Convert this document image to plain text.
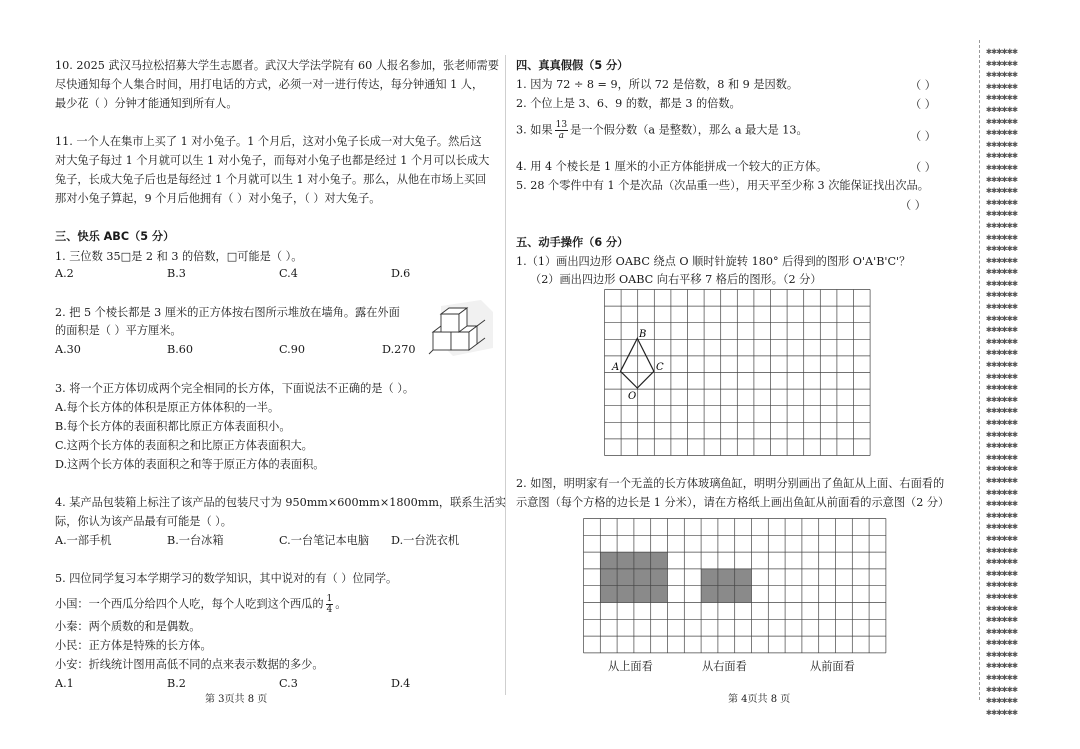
10. 2025 武汉马拉松招募大学生志愿者。武汉大学法学院有 60 人报名参加，张老师需要
尽快通知每个人集合时间，用打电话的方式，必须一对一进行传达，每分钟通知 1 人，
最少花（ ）分钟才能通知到所有人。
11. 一个人在集市上买了 1 对小兔子。1 个月后，这对小兔子长成一对大兔子。然后这
对大兔子每过 1 个月就可以生 1 对小兔子，而每对小兔子也都是经过 1 个月可以长成大
兔子，长成大兔子后也是每经过 1 个月就可以生 1 对小兔子。那么，从他在市场上买回
那对小兔子算起，9 个月后他拥有（ ）对小兔子，（ ）对大兔子。
三、快乐 ABC（5 分）
1. 三位数 35□是 2 和 3 的倍数，□可能是（ ）。
A.2	B.3	C.4	D.6
2. 把 5 个棱长都是 3 厘米的正方体按右图所示堆放在墙角。露在外面
的面积是（ ）平方厘米。
A.30	B.60	C.90	D.270
3. 将一个正方体切成两个完全相同的长方体，下面说法不正确的是（ ）。
A.每个长方体的体积是原正方体体积的一半。
B.每个长方体的表面积都比原正方体表面积小。
C.这两个长方体的表面积之和比原正方体表面积大。
D.这两个长方体的表面积之和等于原正方体的表面积。
4. 某产品包装箱上标注了该产品的包装尺寸为 950mm×600mm×1800mm，联系生活实
际，你认为该产品最有可能是（ ）。
A.一部手机	B.一台冰箱	C.一台笔记本电脑 D.一台洗衣机
5. 四位同学复习本学期学习的数学知识，其中说对的有（ ）位同学。
小国：一个西瓜分给四个人吃，每个人吃到这个西瓜的 $\frac{1}{4}$ 。
小秦：两个质数的和是偶数。
小民：正方体是特殊的长方体。
小安：折线统计图用高低不同的点来表示数据的多少。
A.1	B.2	C.3	D.4
第 3页共 8 页
四、真真假假（5 分）
1. 因为 72 ÷ 8 = 9，所以 72 是倍数，8 和 9 是因数。	（ ）
2. 个位上是 3、6、9 的数，都是 3 的倍数。	（ ）
3. 如果 $\frac{13}{a}$ 是一个假分数（a 是整数），那么 a 最大是 13。	（ ）
4. 用 4 个棱长是 1 厘米的小正方体能拼成一个较大的正方体。	（ ）
5. 28 个零件中有 1 个是次品（次品重一些），用天平至少称 3 次能保证找出次品。
（ ）
五、动手操作（6 分）
1.（1）画出四边形 OABC 绕点 O 顺时针旋转 180° 后得到的图形 O'A'B'C'？
（2）画出四边形 OABC 向右平移 7 格后的图形。（2 分）
B
A	C
O
2. 如图，明明家有一个无盖的长方体玻璃鱼缸，明明分别画出了鱼缸从上面、右面看的
示意图（每个方格的边长是 1 分米），请在方格纸上画出鱼缸从前面看的示意图（2 分）
从上面看	从右面看	从前面看
第 4页共 8 页
✱✱✱✱✱✱
✱✱✱✱✱✱
✱✱✱✱✱✱
✱✱✱✱✱✱
✱✱✱✱✱✱
✱✱✱✱✱✱
✱✱✱✱✱✱
✱✱✱✱✱✱
✱✱✱✱✱✱
✱✱✱✱✱✱
✱✱✱✱✱✱
✱✱✱✱✱✱
✱✱✱✱✱✱
✱✱✱✱✱✱
✱✱✱✱✱✱
✱✱✱✱✱✱
✱✱✱✱✱✱
✱✱✱✱✱✱
✱✱✱✱✱✱
✱✱✱✱✱✱
✱✱✱✱✱✱
✱✱✱✱✱✱
✱✱✱✱✱✱
✱✱✱✱✱✱
✱✱✱✱✱✱
✱✱✱✱✱✱
✱✱✱✱✱✱
✱✱✱✱✱✱
✱✱✱✱✱✱
✱✱✱✱✱✱
✱✱✱✱✱✱
✱✱✱✱✱✱
✱✱✱✱✱✱
✱✱✱✱✱✱
✱✱✱✱✱✱
✱✱✱✱✱✱
✱✱✱✱✱✱
✱✱✱✱✱✱
✱✱✱✱✱✱
✱✱✱✱✱✱
✱✱✱✱✱✱
✱✱✱✱✱✱
✱✱✱✱✱✱
✱✱✱✱✱✱
✱✱✱✱✱✱
✱✱✱✱✱✱
✱✱✱✱✱✱
✱✱✱✱✱✱
✱✱✱✱✱✱
✱✱✱✱✱✱
✱✱✱✱✱✱
✱✱✱✱✱✱
✱✱✱✱✱✱
✱✱✱✱✱✱
✱✱✱✱✱✱
✱✱✱✱✱✱
✱✱✱✱✱✱
✱✱✱✱✱✱
